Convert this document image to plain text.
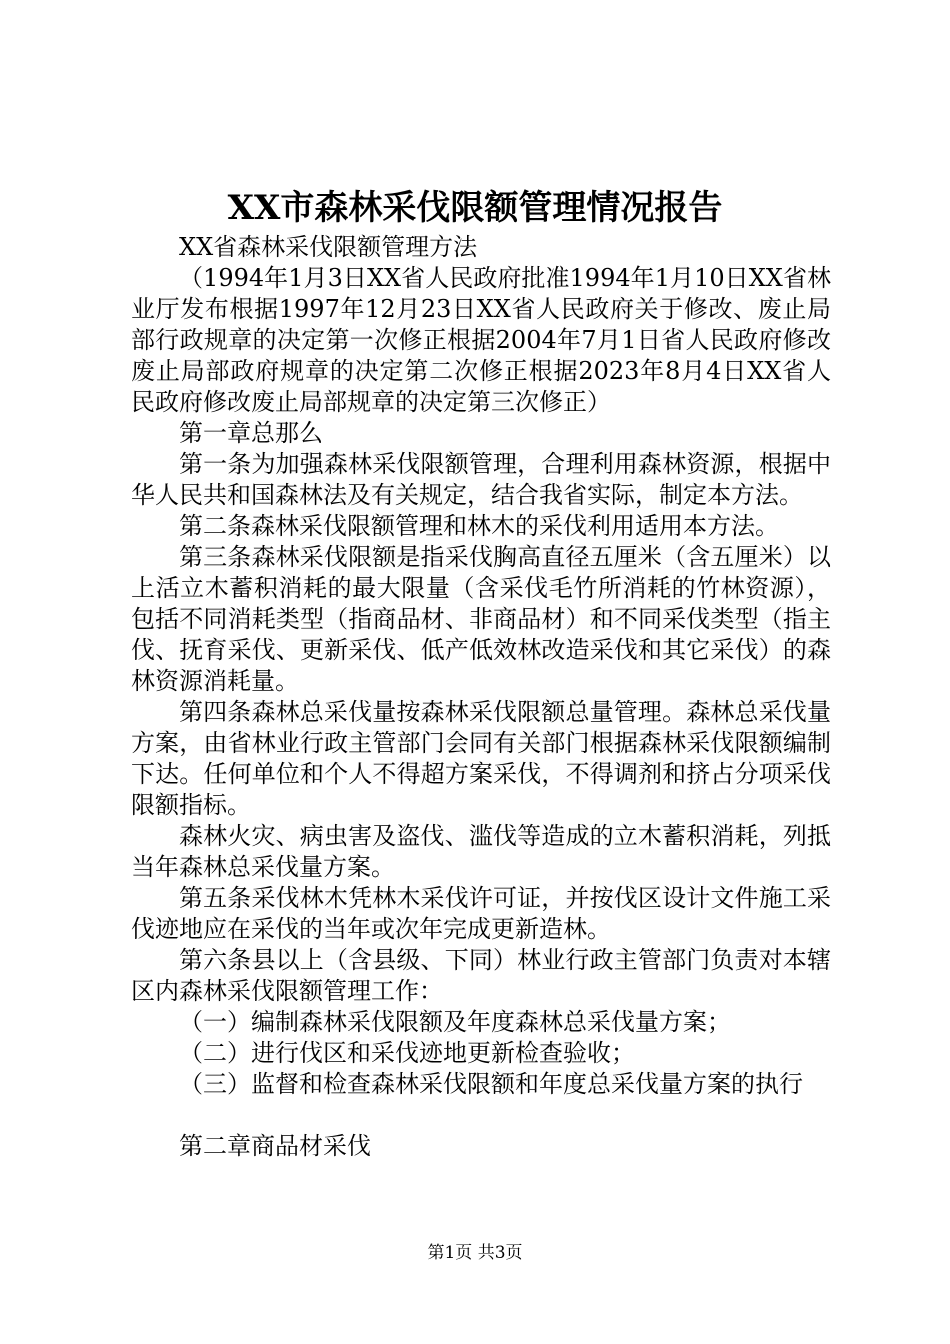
XX市森林采伐限额管理情况报告

XX省森林采伐限额管理方法

（1994年1月3日XX省人民政府批准1994年1月10日XX省林业厅发布根据1997年12月23日XX省人民政府关于修改、废止局部行政规章的决定第一次修正根据2004年7月1日省人民政府修改废止局部政府规章的决定第二次修正根据2023年8月4日XX省人民政府修改废止局部规章的决定第三次修正）

第一章总那么

第一条为加强森林采伐限额管理，合理利用森林资源，根据中华人民共和国森林法及有关规定，结合我省实际，制定本方法。

第二条森林采伐限额管理和林木的采伐利用适用本方法。

第三条森林采伐限额是指采伐胸高直径五厘米（含五厘米）以上活立木蓄积消耗的最大限量（含采伐毛竹所消耗的竹林资源），包括不同消耗类型（指商品材、非商品材）和不同采伐类型（指主伐、抚育采伐、更新采伐、低产低效林改造采伐和其它采伐）的森林资源消耗量。

第四条森林总采伐量按森林采伐限额总量管理。森林总采伐量方案，由省林业行政主管部门会同有关部门根据森林采伐限额编制下达。任何单位和个人不得超方案采伐，不得调剂和挤占分项采伐限额指标。

森林火灾、病虫害及盗伐、滥伐等造成的立木蓄积消耗，列抵当年森林总采伐量方案。

第五条采伐林木凭林木采伐许可证，并按伐区设计文件施工采伐迹地应在采伐的当年或次年完成更新造林。

第六条县以上（含县级、下同）林业行政主管部门负责对本辖区内森林采伐限额管理工作：

（一）编制森林采伐限额及年度森林总采伐量方案；

（二）进行伐区和采伐迹地更新检查验收；

（三）监督和检查森林采伐限额和年度总采伐量方案的执行

第二章商品材采伐

第1页 共3页
